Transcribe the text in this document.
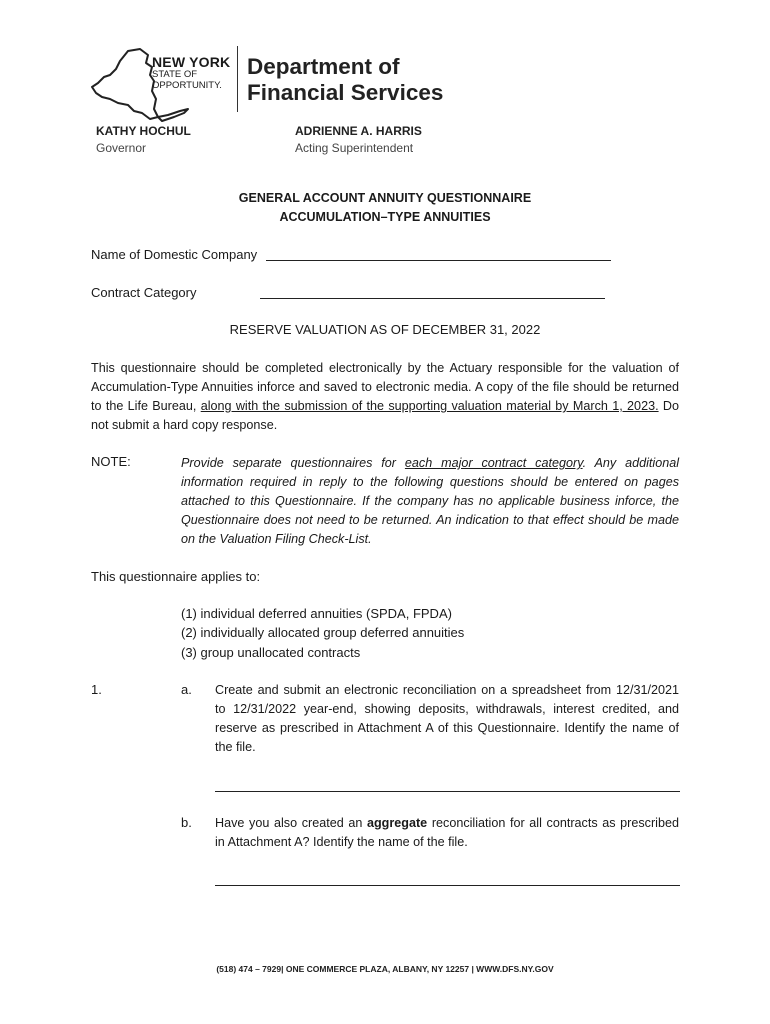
NEW YORK
STATE OF
OPPORTUNITY.
Department of
Financial Services
KATHY HOCHUL
Governor
ADRIENNE A. HARRIS
Acting Superintendent
GENERAL ACCOUNT ANNUITY QUESTIONNAIRE
ACCUMULATION–TYPE ANNUITIES
Name of Domestic Company
Contract Category
RESERVE VALUATION AS OF DECEMBER 31, 2022
This questionnaire should be completed electronically by the Actuary responsible for the valuation of Accumulation-Type Annuities inforce and saved to electronic media. A copy of the file should be returned to the Life Bureau, along with the submission of the supporting valuation material by March 1, 2023. Do not submit a hard copy response.
NOTE:	Provide separate questionnaires for each major contract category. Any additional information required in reply to the following questions should be entered on pages attached to this Questionnaire. If the company has no applicable business inforce, the Questionnaire does not need to be returned. An indication to that effect should be made on the Valuation Filing Check-List.
This questionnaire applies to:
(1) individual deferred annuities (SPDA, FPDA)
(2) individually allocated group deferred annuities
(3) group unallocated contracts
1.	a. Create and submit an electronic reconciliation on a spreadsheet from 12/31/2021 to 12/31/2022 year-end, showing deposits, withdrawals, interest credited, and reserve as prescribed in Attachment A of this Questionnaire. Identify the name of the file.
b. Have you also created an aggregate reconciliation for all contracts as prescribed in Attachment A? Identify the name of the file.
(518) 474 – 7929| ONE COMMERCE PLAZA, ALBANY, NY 12257 | WWW.DFS.NY.GOV
